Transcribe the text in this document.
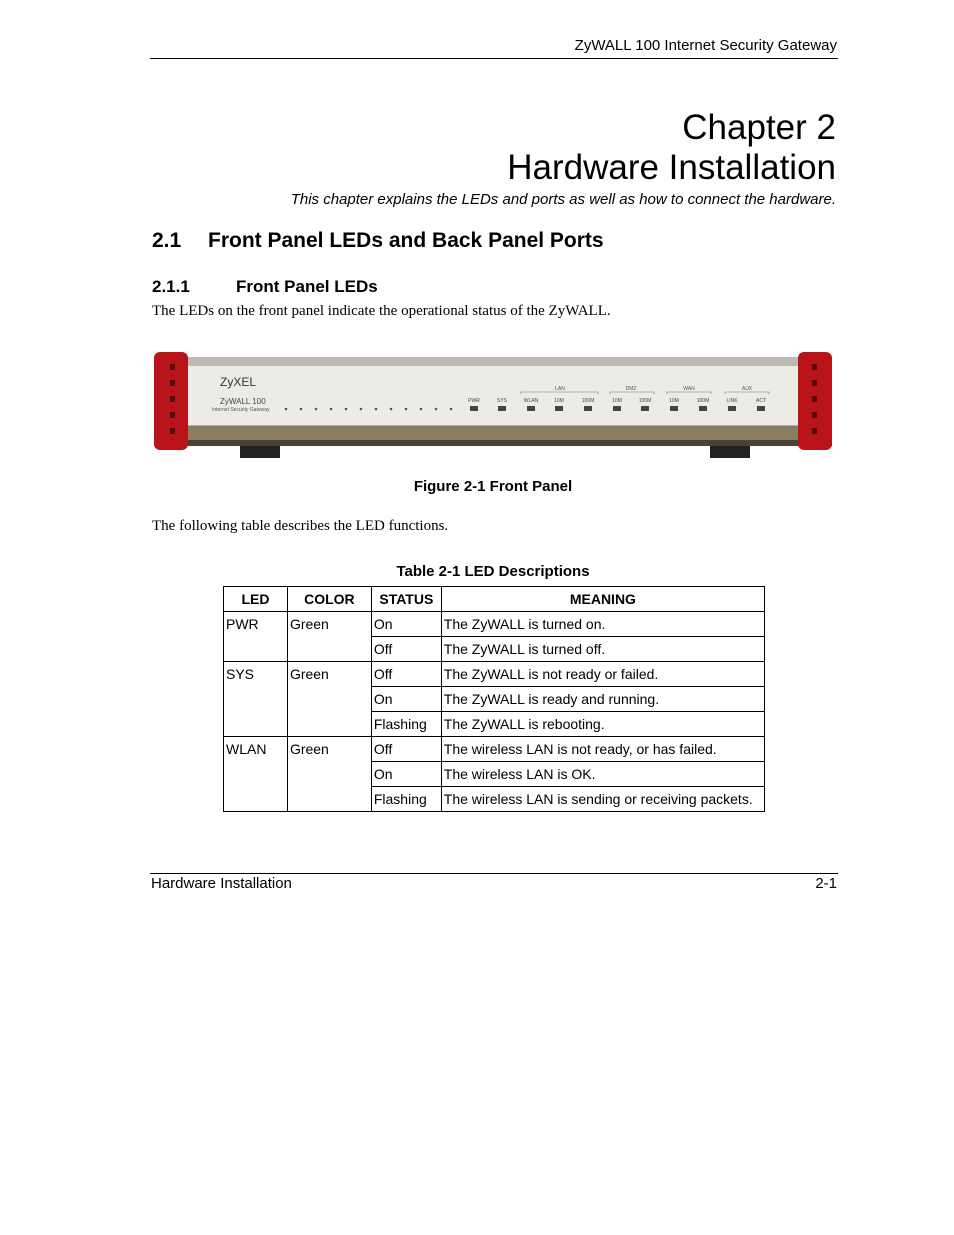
ZyWALL 100 Internet Security Gateway
Chapter 2
Hardware Installation
This chapter explains the LEDs and ports as well as how to connect the hardware.
2.1 Front Panel LEDs and Back Panel Ports
2.1.1	Front Panel LEDs
The LEDs on the front panel indicate the operational status of the ZyWALL.
ZyXEL
ZyWALL 100
Internet Security Gateway
LAN	DMZ	WAN	AUX
PWR	SYS	WLAN	10M	100M	10M	100M	10M	100M	LINK	ACT
Figure 2-1 Front Panel
The following table describes the LED functions.
Table 2-1 LED Descriptions
LED	COLOR	STATUS	MEANING
PWR	Green	On	The ZyWALL is turned on.
		Off	The ZyWALL is turned off.
SYS	Green	Off	The ZyWALL is not ready or failed.
		On	The ZyWALL is ready and running.
		Flashing	The ZyWALL is rebooting.
WLAN	Green	Off	The wireless LAN is not ready, or has failed.
		On	The wireless LAN is OK.
		Flashing	The wireless LAN is sending or receiving packets.
Hardware Installation	2-1
